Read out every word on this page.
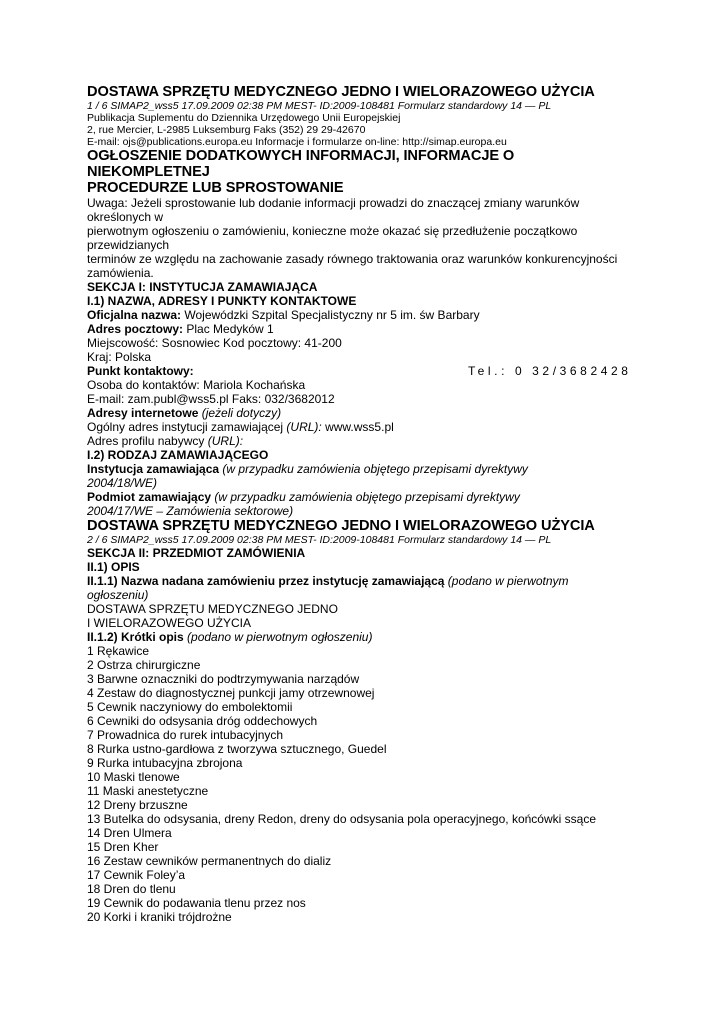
DOSTAWA SPRZĘTU MEDYCZNEGO JEDNO I WIELORAZOWEGO UŻYCIA
1 / 6 SIMAP2_wss5 17.09.2009 02:38 PM MEST- ID:2009-108481 Formularz standardowy 14 — PL
Publikacja Suplementu do Dziennika Urzędowego Unii Europejskiej
2, rue Mercier, L-2985 Luksemburg Faks (352) 29 29-42670
E-mail: ojs@publications.europa.eu Informacje i formularze on-line: http://simap.europa.eu
OGŁOSZENIE DODATKOWYCH INFORMACJI, INFORMACJE O
NIEKOMPLETNEJ
PROCEDURZE LUB SPROSTOWANIE
Uwaga: Jeżeli sprostowanie lub dodanie informacji prowadzi do znaczącej zmiany warunków
określonych w
pierwotnym ogłoszeniu o zamówieniu, konieczne może okazać się przedłużenie początkowo
przewidzianych
terminów ze względu na zachowanie zasady równego traktowania oraz warunków konkurencyjności
zamówienia.
SEKCJA I: INSTYTUCJA ZAMAWIAJĄCA
I.1) NAZWA, ADRESY I PUNKTY KONTAKTOWE
Oficjalna nazwa: Wojewódzki Szpital Specjalistyczny nr 5 im. św Barbary
Adres pocztowy: Plac Medyków 1
Miejscowość: Sosnowiec Kod pocztowy: 41-200
Kraj: Polska
Punkt kontaktowy:	Tel.: 0 32/3682428
Osoba do kontaktów: Mariola Kochańska
E-mail: zam.publ@wss5.pl Faks: 032/3682012
Adresy internetowe (jeżeli dotyczy)
Ogólny adres instytucji zamawiającej (URL): www.wss5.pl
Adres profilu nabywcy (URL):
I.2) RODZAJ ZAMAWIAJĄCEGO
Instytucja zamawiająca (w przypadku zamówienia objętego przepisami dyrektywy
2004/18/WE)
Podmiot zamawiający (w przypadku zamówienia objętego przepisami dyrektywy
2004/17/WE – Zamówienia sektorowe)
DOSTAWA SPRZĘTU MEDYCZNEGO JEDNO I WIELORAZOWEGO UŻYCIA
2 / 6 SIMAP2_wss5 17.09.2009 02:38 PM MEST- ID:2009-108481 Formularz standardowy 14 — PL
SEKCJA II: PRZEDMIOT ZAMÓWIENIA
II.1) OPIS
II.1.1) Nazwa nadana zamówieniu przez instytucję zamawiającą (podano w pierwotnym
ogłoszeniu)
DOSTAWA SPRZĘTU MEDYCZNEGO JEDNO
I WIELORAZOWEGO UŻYCIA
II.1.2) Krótki opis (podano w pierwotnym ogłoszeniu)
1 Rękawice
2 Ostrza chirurgiczne
3 Barwne oznaczniki do podtrzymywania narządów
4 Zestaw do diagnostycznej punkcji jamy otrzewnowej
5 Cewnik naczyniowy do embolektomii
6 Cewniki do odsysania dróg oddechowych
7 Prowadnica do rurek intubacyjnych
8 Rurka ustno-gardłowa z tworzywa sztucznego, Guedel
9 Rurka intubacyjna zbrojona
10 Maski tlenowe
11 Maski anestetyczne
12 Dreny brzuszne
13 Butelka do odsysania, dreny Redon, dreny do odsysania pola operacyjnego, końcówki ssące
14 Dren Ulmera
15 Dren Kher
16 Zestaw cewników permanentnych do dializ
17 Cewnik Foley’a
18 Dren do tlenu
19 Cewnik do podawania tlenu przez nos
20 Korki i kraniki trójdrożne
